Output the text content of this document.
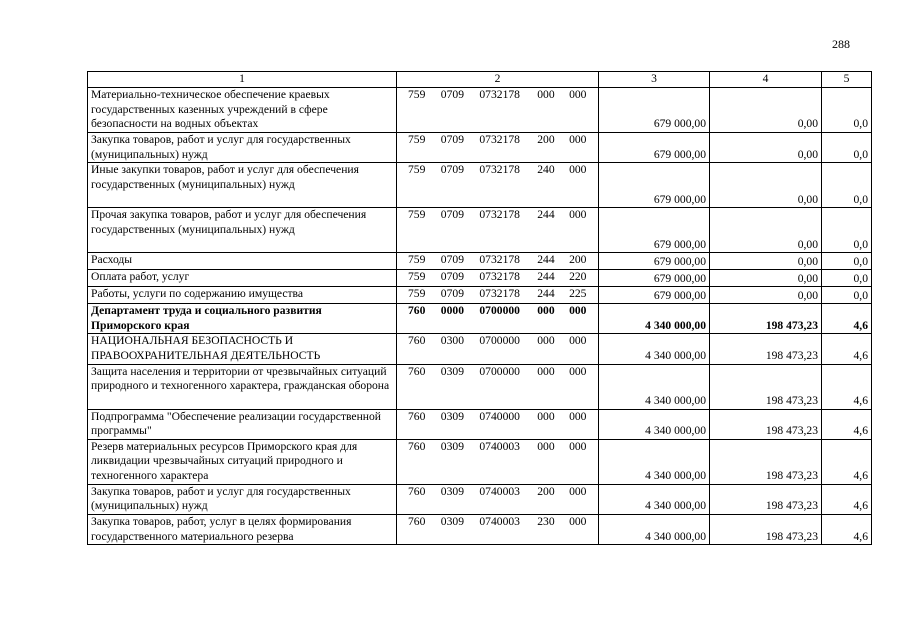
288
1	2	3	4	5
Материально-техническое обеспечение краевых государственных казенных учреждений в сфере безопасности на водных объектах	759 0709 0732178 000 000	679 000,00	0,00	0,0
Закупка товаров, работ и услуг для государственных (муниципальных) нужд	759 0709 0732178 200 000	679 000,00	0,00	0,0
Иные закупки товаров, работ и услуг для обеспечения государственных (муниципальных) нужд	759 0709 0732178 240 000	679 000,00	0,00	0,0
Прочая закупка товаров, работ и услуг для обеспечения государственных (муниципальных) нужд	759 0709 0732178 244 000	679 000,00	0,00	0,0
Расходы	759 0709 0732178 244 200	679 000,00	0,00	0,0
Оплата работ, услуг	759 0709 0732178 244 220	679 000,00	0,00	0,0
Работы, услуги по содержанию имущества	759 0709 0732178 244 225	679 000,00	0,00	0,0
Департамент труда и социального развития Приморского края	760 0000 0700000 000 000	4 340 000,00	198 473,23	4,6
НАЦИОНАЛЬНАЯ БЕЗОПАСНОСТЬ И ПРАВООХРАНИТЕЛЬНАЯ ДЕЯТЕЛЬНОСТЬ	760 0300 0700000 000 000	4 340 000,00	198 473,23	4,6
Защита населения и территории от чрезвычайных ситуаций природного и техногенного характера, гражданская оборона	760 0309 0700000 000 000	4 340 000,00	198 473,23	4,6
Подпрограмма "Обеспечение реализации государственной программы"	760 0309 0740000 000 000	4 340 000,00	198 473,23	4,6
Резерв материальных ресурсов Приморского края для ликвидации чрезвычайных ситуаций природного и техногенного характера	760 0309 0740003 000 000	4 340 000,00	198 473,23	4,6
Закупка товаров, работ и услуг для государственных (муниципальных) нужд	760 0309 0740003 200 000	4 340 000,00	198 473,23	4,6
Закупка товаров, работ, услуг в целях формирования государственного материального резерва	760 0309 0740003 230 000	4 340 000,00	198 473,23	4,6
